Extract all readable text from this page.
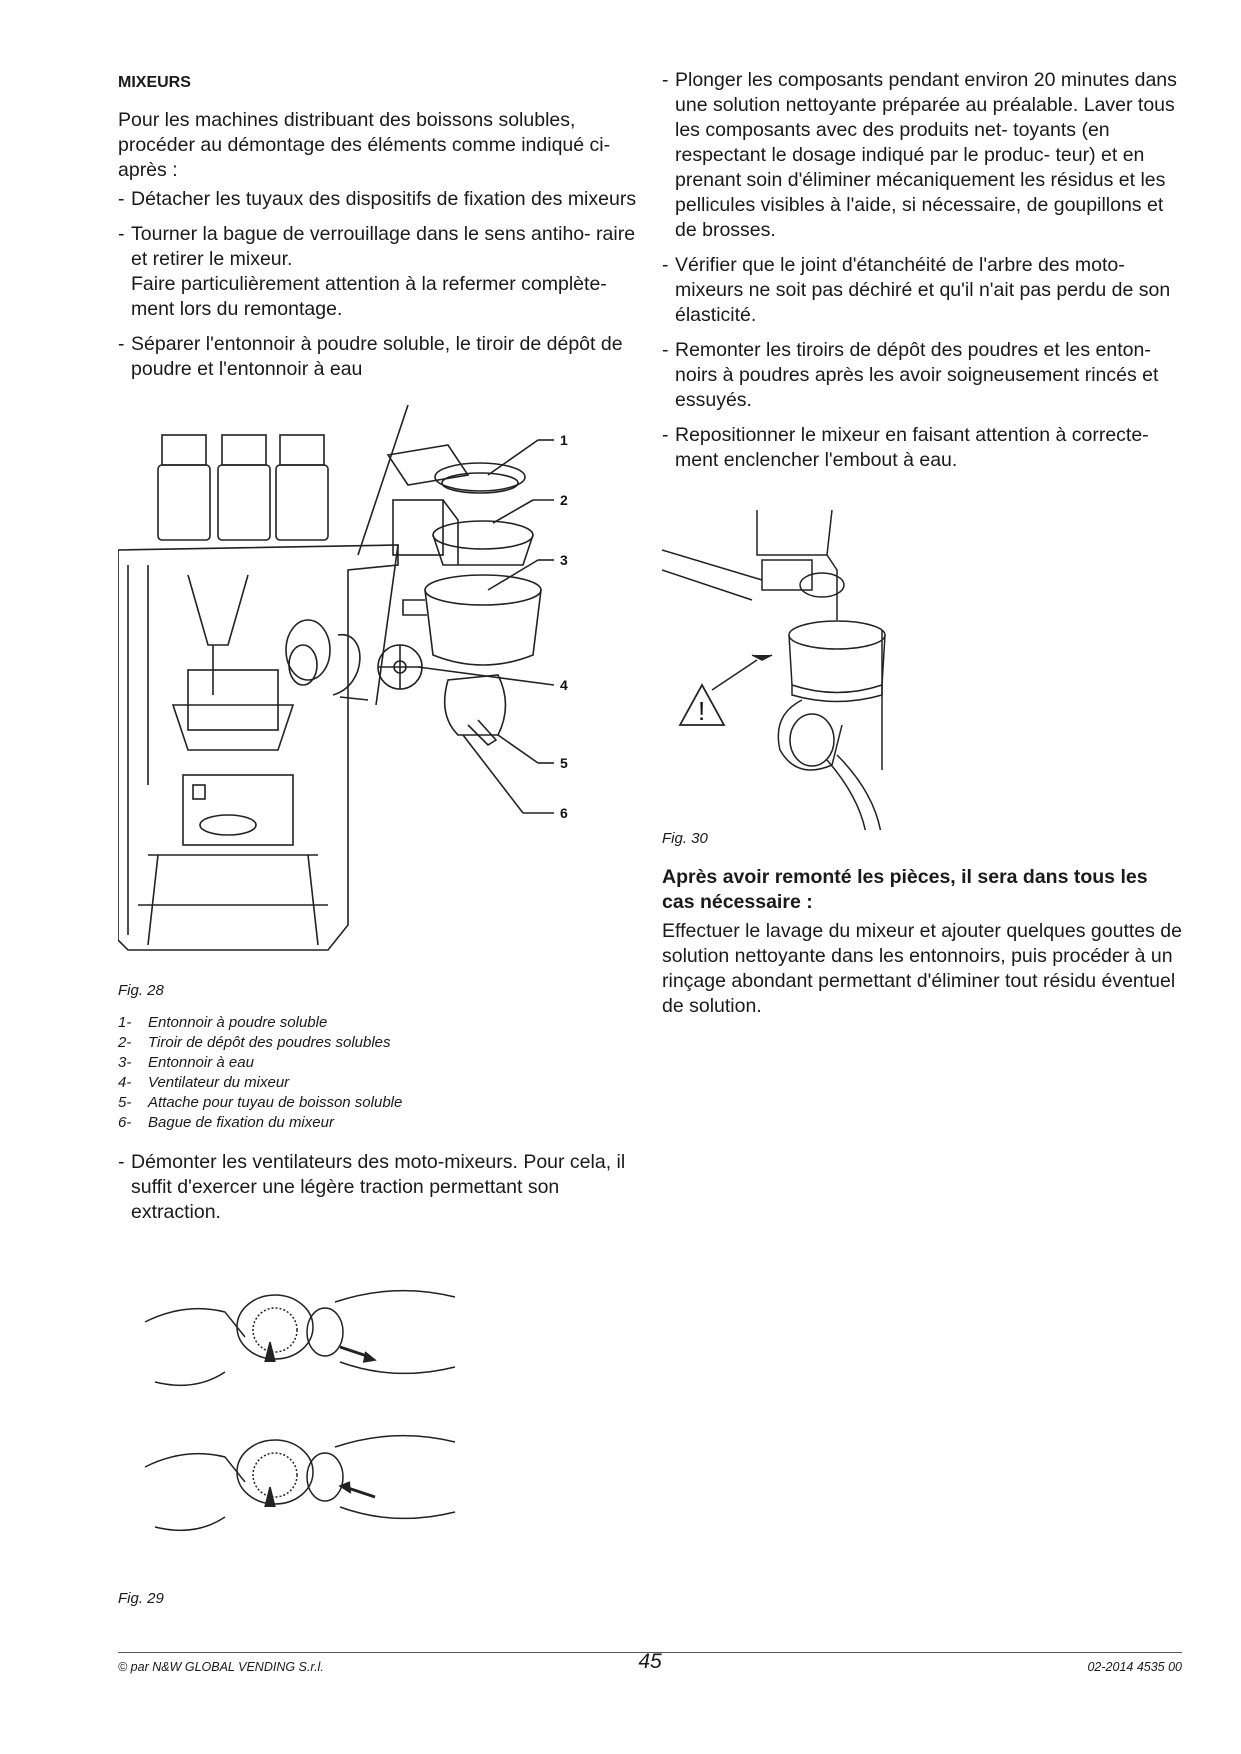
MIXEURS

Pour les machines distribuant des boissons solubles, procéder au démontage des éléments comme indiqué ci-après :

- Détacher les tuyaux des dispositifs de fixation des mixeurs
- Tourner la bague de verrouillage dans le sens antiho- raire et retirer le mixeur.
Faire particulièrement attention à la refermer complète- ment lors du remontage.
- Séparer l'entonnoir à poudre soluble, le tiroir de dépôt de poudre et l'entonnoir à eau
1
2
3
4
5
6
Fig. 28
1- Entonnoir à poudre soluble
2- Tiroir de dépôt des poudres solubles
3- Entonnoir à eau
4- Ventilateur du mixeur
5- Attache pour tuyau de boisson soluble
6- Bague de fixation du mixeur
- Démonter les ventilateurs des moto-mixeurs. Pour cela, il suffit d'exercer une légère traction permettant son extraction.
Fig. 29
- Plonger les composants pendant environ 20 minutes dans une solution nettoyante préparée au préalable. Laver tous les composants avec des produits net- toyants (en respectant le dosage indiqué par le produc- teur) et en prenant soin d'éliminer mécaniquement les résidus et les pellicules visibles à l'aide, si nécessaire, de goupillons et de brosses.
- Vérifier que le joint d'étanchéité de l'arbre des moto- mixeurs ne soit pas déchiré et qu'il n'ait pas perdu de son élasticité.
- Remonter les tiroirs de dépôt des poudres et les enton- noirs à poudres après les avoir soigneusement rincés et essuyés.
- Repositionner le mixeur en faisant attention à correcte- ment enclencher l'embout à eau.
!
Fig. 30

Après avoir remonté les pièces, il sera dans tous les cas nécessaire :

Effectuer le lavage du mixeur et ajouter quelques gouttes de solution nettoyante dans les entonnoirs, puis procéder à un rinçage abondant permettant d'éliminer tout résidu éventuel de solution.

© par N&W GLOBAL VENDING S.r.l.	45	02-2014 4535 00
